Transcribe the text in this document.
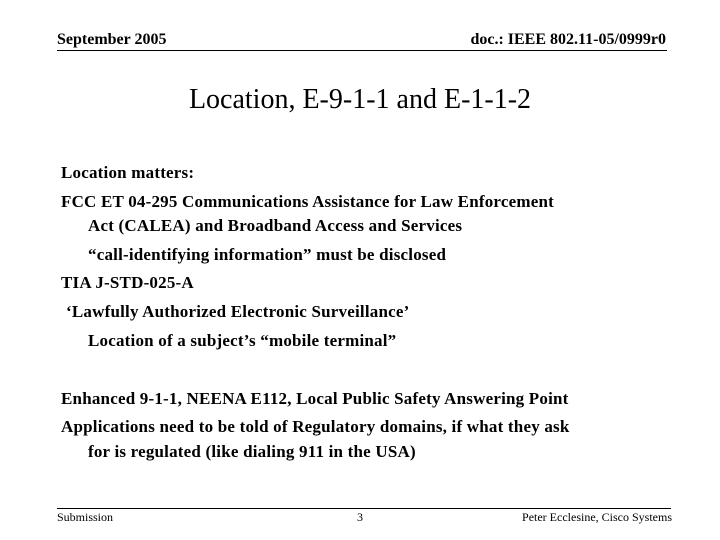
September 2005	doc.: IEEE 802.11-05/0999r0
Location, E-9-1-1 and E-1-1-2
Location matters:
FCC ET 04-295 Communications Assistance for Law Enforcement
Act (CALEA) and Broadband Access and Services
“call-identifying information” must be disclosed
TIA J-STD-025-A
‘Lawfully Authorized Electronic Surveillance’
Location of a subject’s “mobile terminal”
Enhanced 9-1-1, NEENA E112, Local Public Safety Answering Point
Applications need to be told of Regulatory domains, if what they ask
for is regulated (like dialing 911 in the USA)
Submission	3	Peter Ecclesine, Cisco Systems
